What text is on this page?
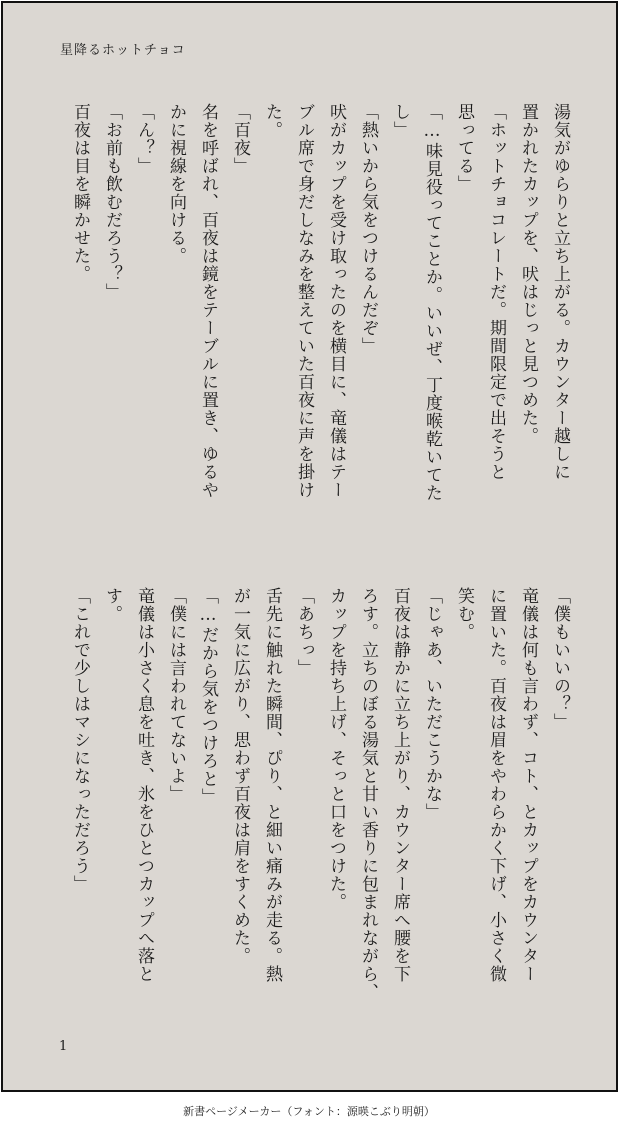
星降るホットチョコ
湯気がゆらりと立ち上がる。カウンター越しに
置かれたカップを、吠はじっと見つめた。
「ホットチョコレートだ。期間限定で出そうと
思ってる」
「…味見役ってことか。いいぜ、丁度喉乾いてた
し」
「熱いから気をつけるんだぞ」
吠がカップを受け取ったのを横目に、竜儀はテー
ブル席で身だしなみを整えていた百夜に声を掛け
た。
「百夜」
名を呼ばれ、百夜は鏡をテーブルに置き、ゆるや
かに視線を向ける。
「ん？」
「お前も飲むだろう？」
百夜は目を瞬かせた。
「僕もいいの？」
竜儀は何も言わず、コト、とカップをカウンター
に置いた。百夜は眉をやわらかく下げ、小さく微
笑む。
「じゃあ、いただこうかな」
百夜は静かに立ち上がり、カウンター席へ腰を下
ろす。立ちのぼる湯気と甘い香りに包まれながら、
カップを持ち上げ、そっと口をつけた。
「あちっ」
舌先に触れた瞬間、ぴり、と細い痛みが走る。熱
が一気に広がり、思わず百夜は肩をすくめた。
「…だから気をつけろと」
「僕には言われてないよ」
竜儀は小さく息を吐き、氷をひとつカップへ落と
す。
「これで少しはマシになっただろう」
1
新書ページメーカー（フォント：源暎こぶり明朝）
